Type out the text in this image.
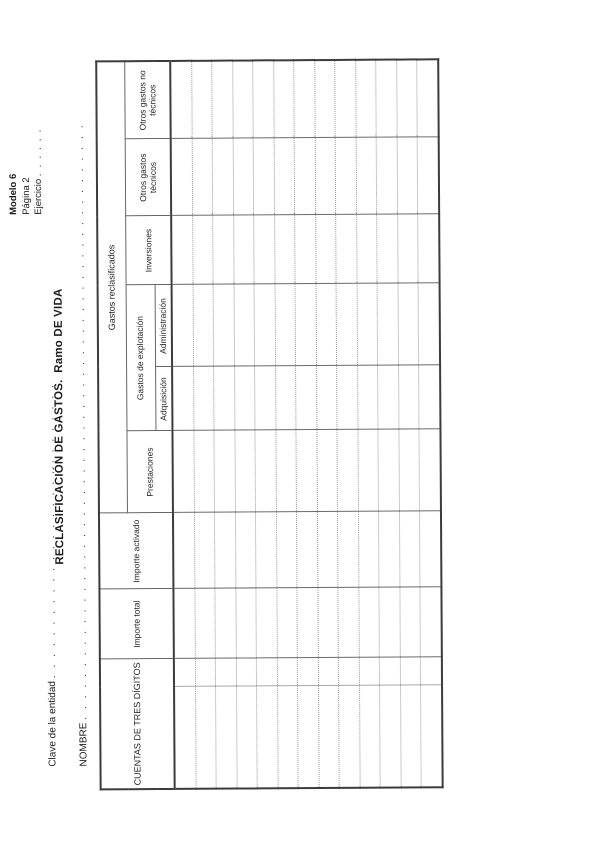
Clave de la entidad . . . . . . . . . . . . . . . . . . . . . . . . . . . .
NOMBRE . . . . . . . . . . . . . . . . . . . . . . . . . . . . . . . . . . . . . . . . . . . . . . . . . . . . . . . .
Modelo 6 Página 2 Ejercicio . . . . . .
RECLASIFICACIÓN DE GASTOS.  Ramo DE VIDA
CUENTAS DE TRES DÍGITOS		Importe total	Importe activado	Gastos reclasificados					
				Prestaciones	Gastos de explotación		Inversiones	Otros gastos técnicos	Otros gastos no técnicos
					Adquisición	Administración			
